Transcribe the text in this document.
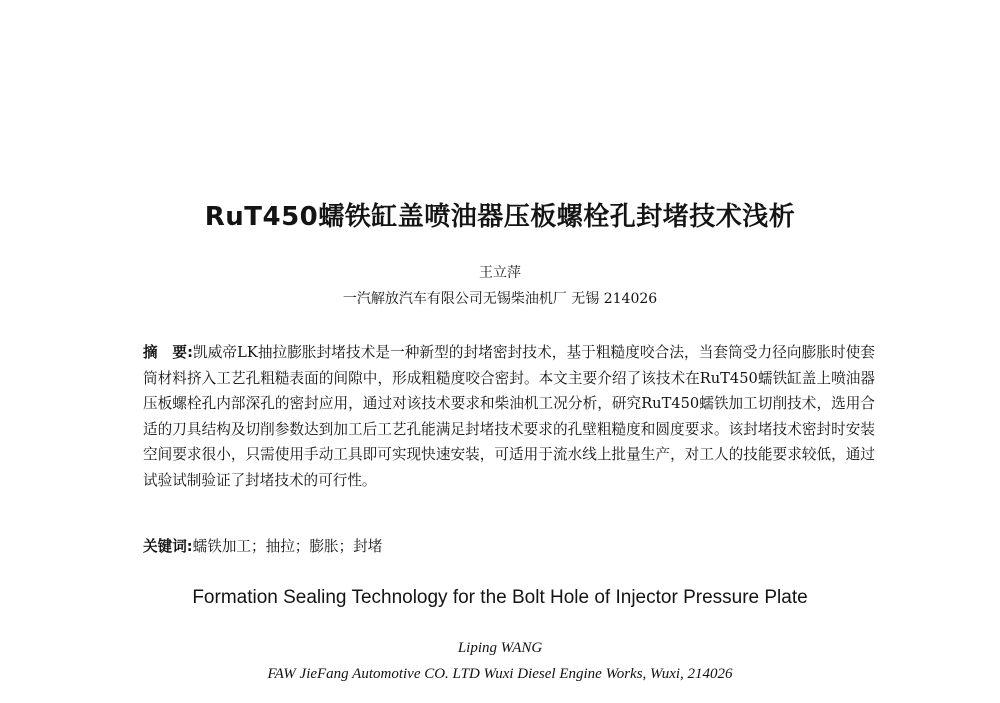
RuT450蠕铁缸盖喷油器压板螺栓孔封堵技术浅析
王立萍
一汽解放汽车有限公司无锡柴油机厂 无锡 214026
摘　要:凯威帝LK抽拉膨胀封堵技术是一种新型的封堵密封技术，基于粗糙度咬合法，当套筒受力径向膨胀时使套筒材料挤入工艺孔粗糙表面的间隙中，形成粗糙度咬合密封。本文主要介绍了该技术在RuT450蠕铁缸盖上喷油器压板螺栓孔内部深孔的密封应用，通过对该技术要求和柴油机工况分析，研究RuT450蠕铁加工切削技术，选用合适的刀具结构及切削参数达到加工后工艺孔能满足封堵技术要求的孔壁粗糙度和圆度要求。该封堵技术密封时安装空间要求很小，只需使用手动工具即可实现快速安装，可适用于流水线上批量生产，对工人的技能要求较低，通过试验试制验证了封堵技术的可行性。
关键词:蠕铁加工；抽拉；膨胀；封堵
Formation Sealing Technology for the Bolt Hole of Injector Pressure Plate
Liping WANG
FAW JieFang Automotive CO. LTD Wuxi Diesel Engine Works, Wuxi, 214026
